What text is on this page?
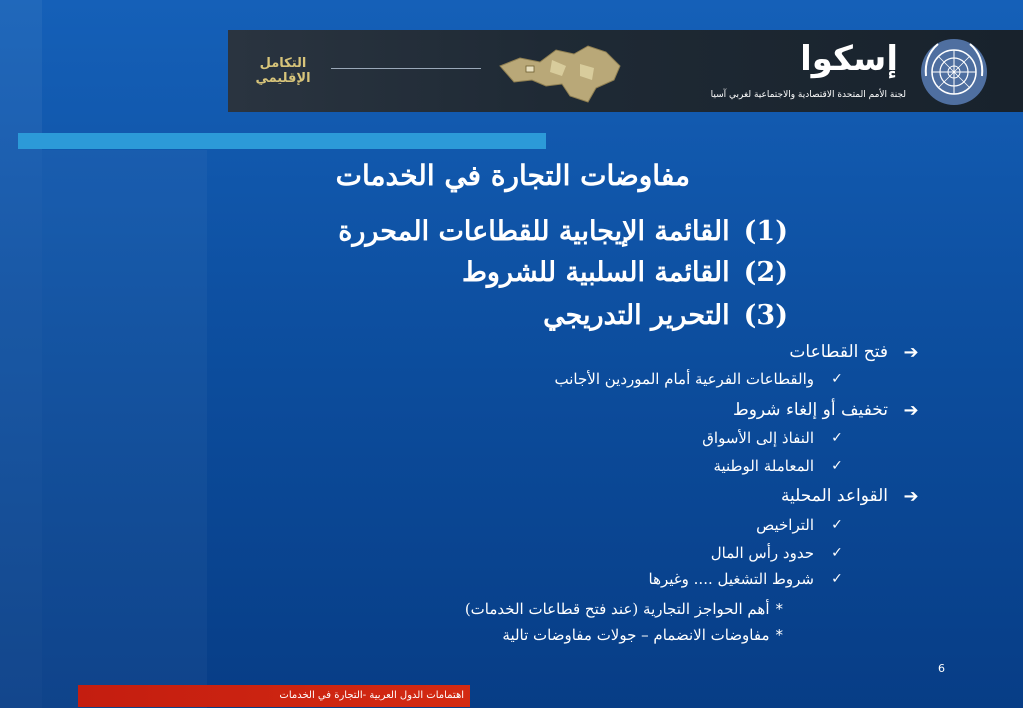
التكامل
الإقليمي	إسكوا
لجنة الأمم المتحدة الاقتصادية والاجتماعية لغربي آسيا
مفاوضات التجارة في الخدمات
(1)القائمة الإيجابية للقطاعات المحررة
(2)القائمة السلبية للشروط
(3)التحرير التدريجي
➔
فتح القطاعات
✓
والقطاعات الفرعية أمام الموردين الأجانب
➔
تخفيف أو إلغاء شروط
✓
النفاذ إلى الأسواق
✓
المعاملة الوطنية
➔
القواعد المحلية
✓
التراخيص
✓
حدود رأس المال
✓
شروط التشغيل .... وغيرها
*أهم الحواجز التجارية (عند فتح قطاعات الخدمات)
*مفاوضات الانضمام – جولات مفاوضات تالية
6
اهتمامات الدول العربية -التجارة في الخدمات
